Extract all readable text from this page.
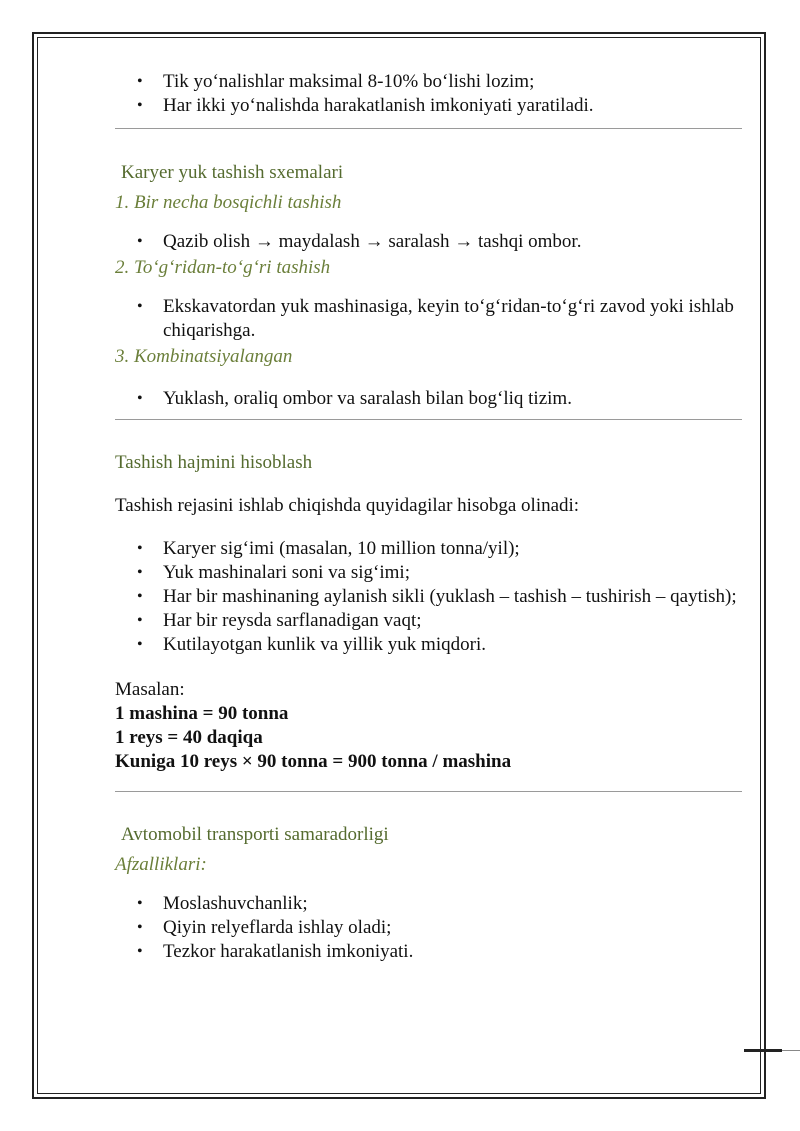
• Tik yo‘nalishlar maksimal 8-10% bo‘lishi lozim;
• Har ikki yo‘nalishda harakatlanish imkoniyati yaratiladi.
Karyer yuk tashish sxemalari
1. Bir necha bosqichli tashish
• Qazib olish → maydalash → saralash → tashqi ombor.
2. To‘g‘ridan-to‘g‘ri tashish
• Ekskavatordan yuk mashinasiga, keyin to‘g‘ridan-to‘g‘ri zavod yoki ishlab chiqarishga.
3. Kombinatsiyalangan
• Yuklash, oraliq ombor va saralash bilan bog‘liq tizim.
Tashish hajmini hisoblash

Tashish rejasini ishlab chiqishda quyidagilar hisobga olinadi:

• Karyer sig‘imi (masalan, 10 million tonna/yil);
• Yuk mashinalari soni va sig‘imi;
• Har bir mashinaning aylanish sikli (yuklash – tashish – tushirish – qaytish);
• Har bir reysda sarflanadigan vaqt;
• Kutilayotgan kunlik va yillik yuk miqdori.

Masalan:

1 mashina = 90 tonna

1 reys = 40 daqiqa

Kuniga 10 reys × 90 tonna = 900 tonna / mashina

Avtomobil transporti samaradorligi
Afzalliklari:
• Moslashuvchanlik;
• Qiyin relyeflarda ishlay oladi;
• Tezkor harakatlanish imkoniyati.
